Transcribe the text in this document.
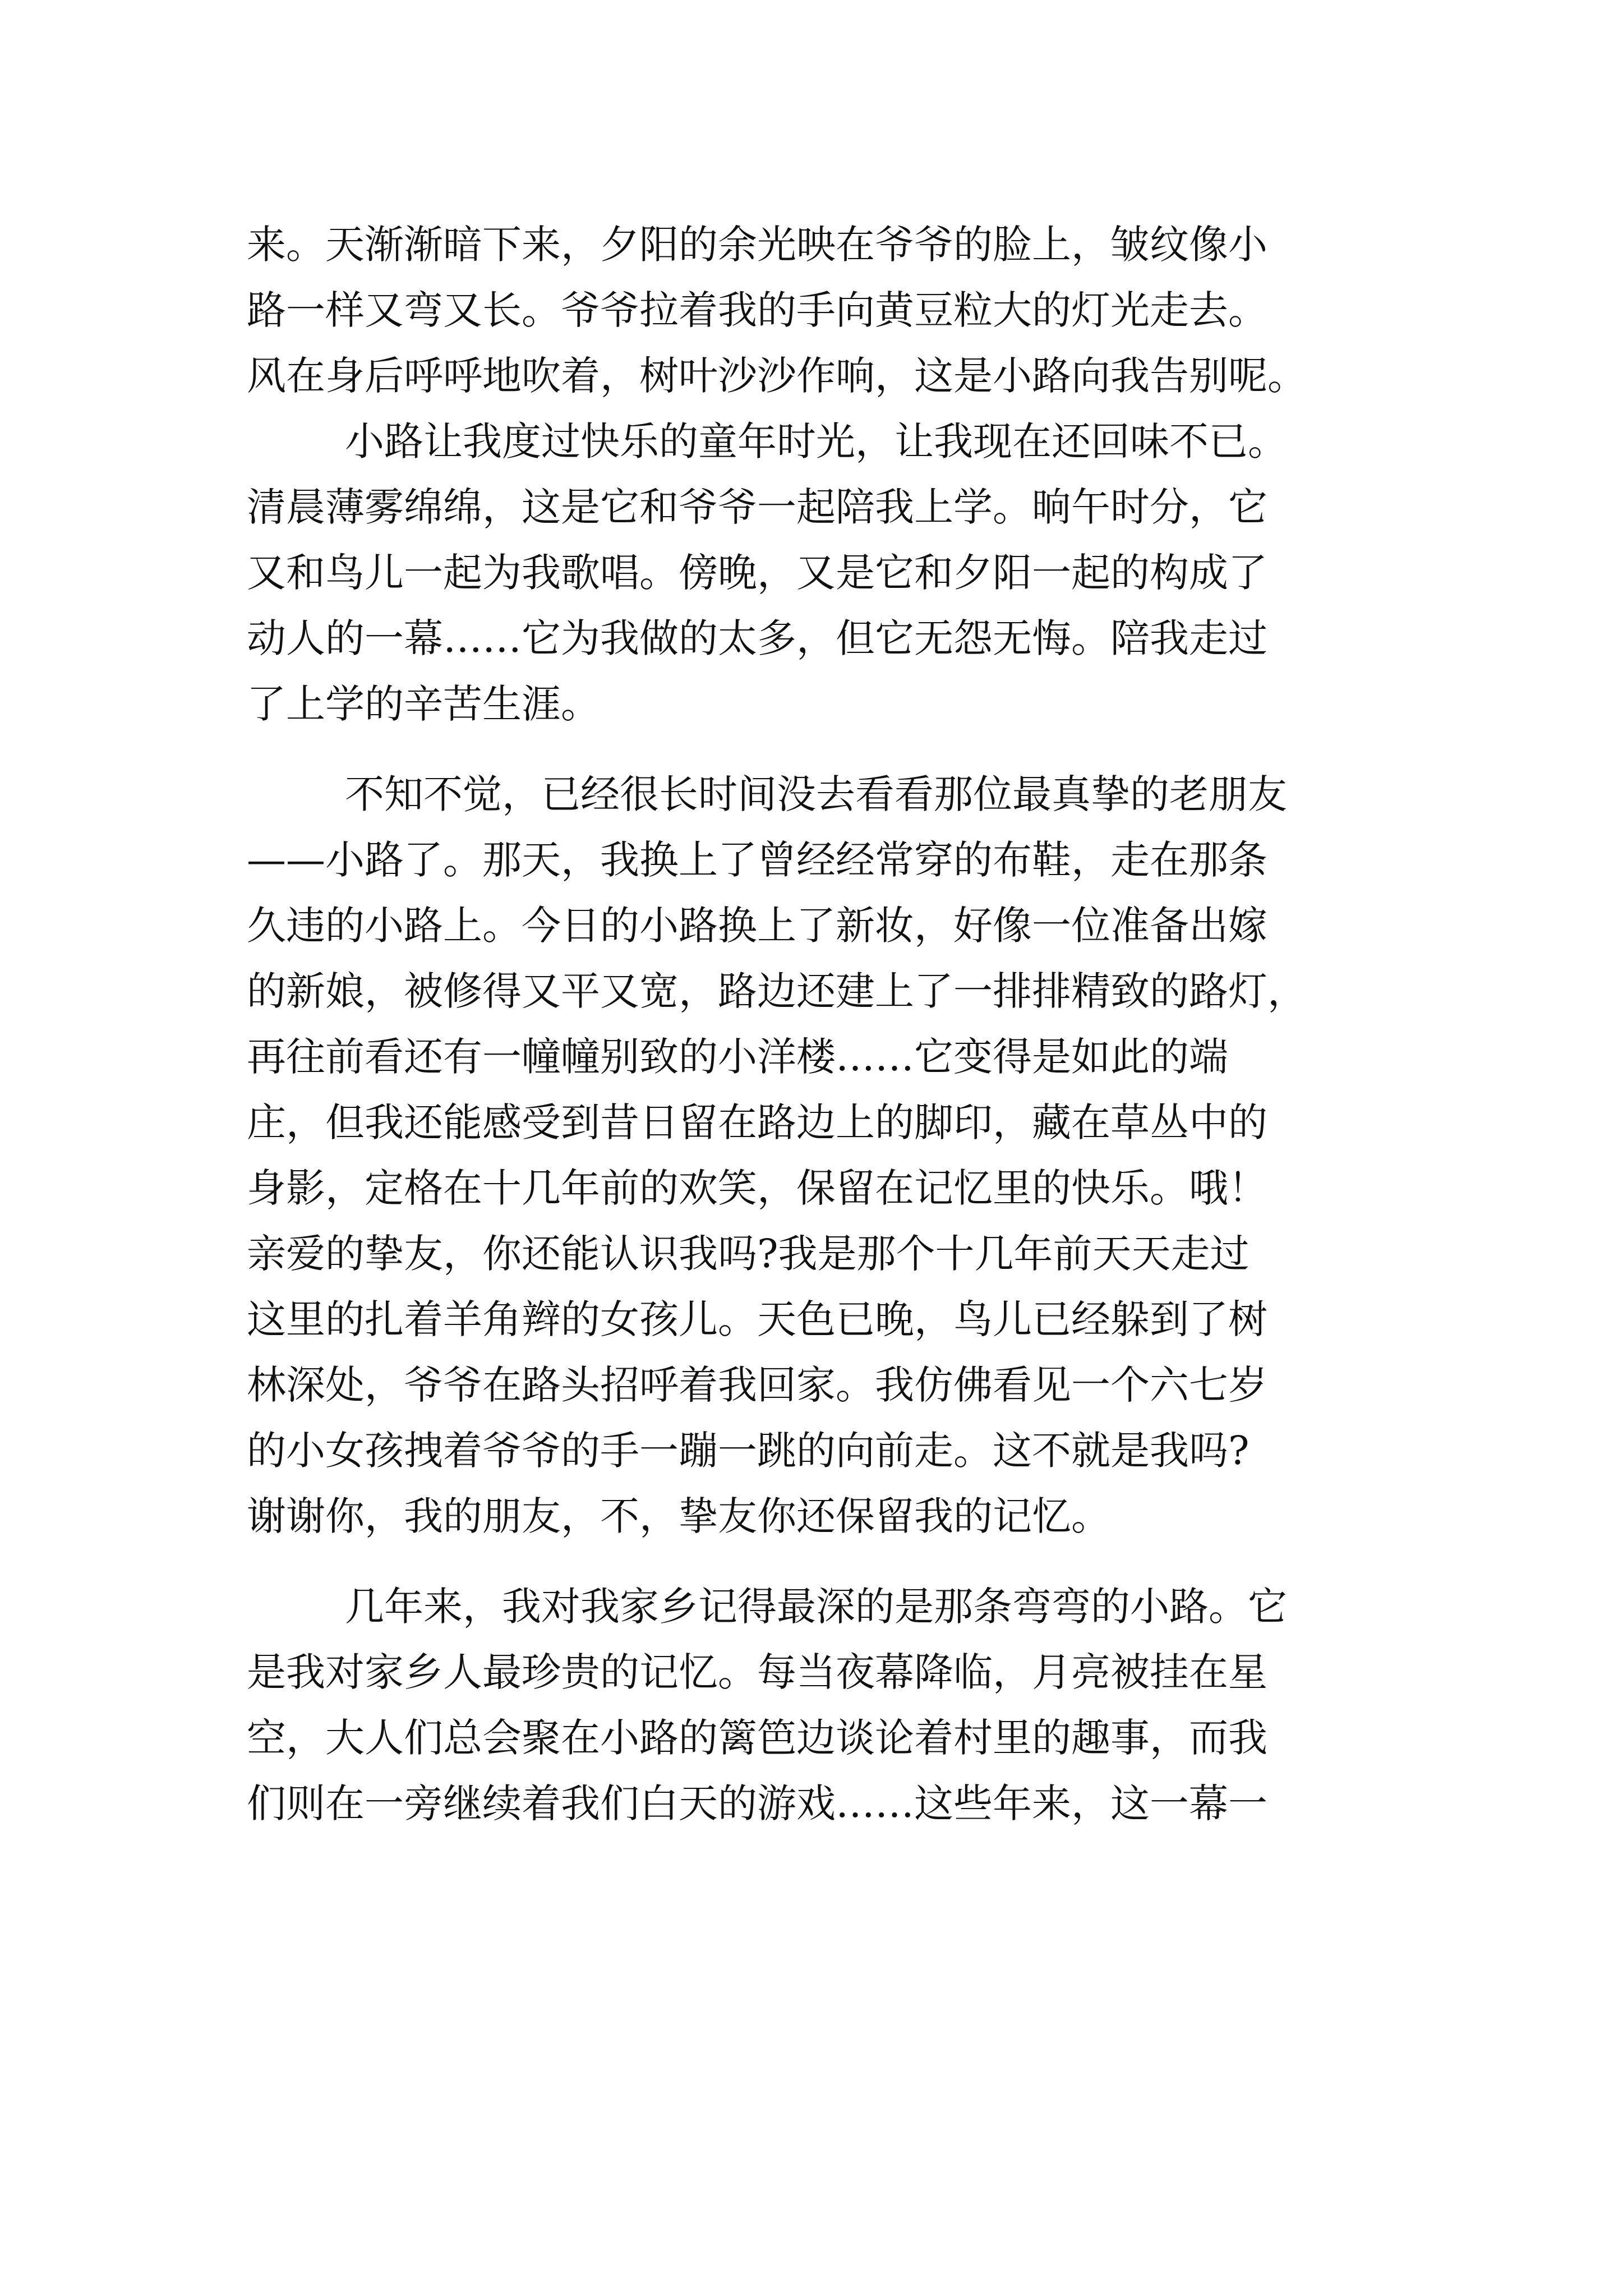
来。天渐渐暗下来，夕阳的余光映在爷爷的脸上，皱纹像小
路一样又弯又长。爷爷拉着我的手向黄豆粒大的灯光走去。
风在身后呼呼地吹着，树叶沙沙作响，这是小路向我告别呢。
小路让我度过快乐的童年时光，让我现在还回味不已。
清晨薄雾绵绵，这是它和爷爷一起陪我上学。晌午时分，它
又和鸟儿一起为我歌唱。傍晚，又是它和夕阳一起的构成了
动人的一幕……它为我做的太多，但它无怨无悔。陪我走过
了上学的辛苦生涯。
不知不觉，已经很长时间没去看看那位最真挚的老朋友
——小路了。那天，我换上了曾经经常穿的布鞋，走在那条
久违的小路上。今日的小路换上了新妆，好像一位准备出嫁
的新娘，被修得又平又宽，路边还建上了一排排精致的路灯，
再往前看还有一幢幢别致的小洋楼……它变得是如此的端
庄，但我还能感受到昔日留在路边上的脚印，藏在草丛中的
身影，定格在十几年前的欢笑，保留在记忆里的快乐。哦！
亲爱的挚友，你还能认识我吗?我是那个十几年前天天走过
这里的扎着羊角辫的女孩儿。天色已晚，鸟儿已经躲到了树
林深处，爷爷在路头招呼着我回家。我仿佛看见一个六七岁
的小女孩拽着爷爷的手一蹦一跳的向前走。这不就是我吗?
谢谢你，我的朋友，不，挚友你还保留我的记忆。
几年来，我对我家乡记得最深的是那条弯弯的小路。它
是我对家乡人最珍贵的记忆。每当夜幕降临，月亮被挂在星
空，大人们总会聚在小路的篱笆边谈论着村里的趣事，而我
们则在一旁继续着我们白天的游戏……这些年来，这一幕一
